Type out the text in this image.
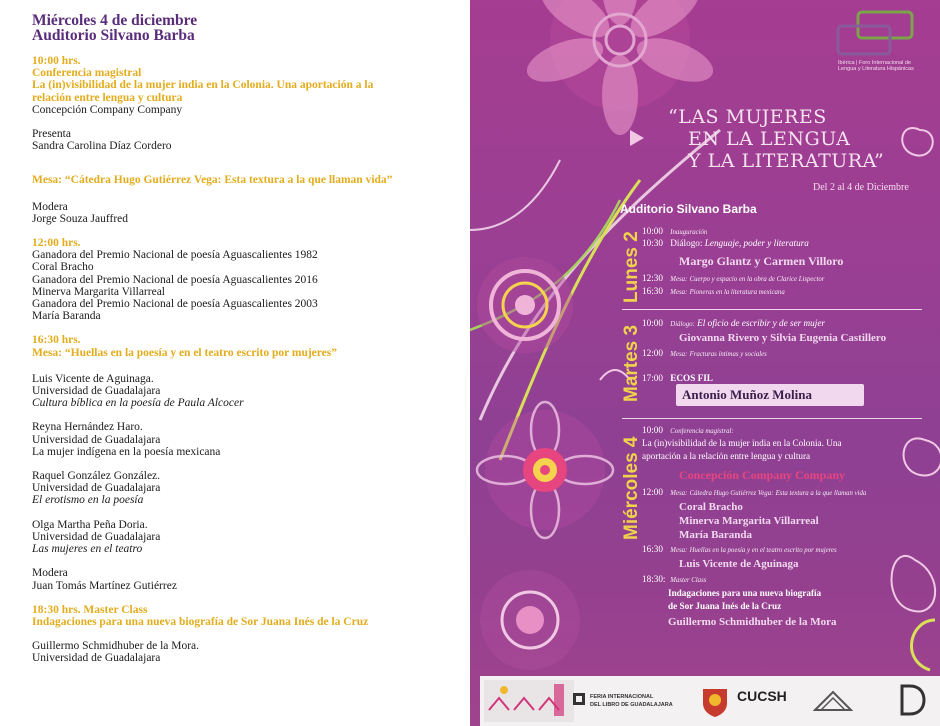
Miércoles 4 de diciembre
Auditorio Silvano Barba
10:00 hrs.
Conferencia magistral
La (in)visibilidad de la mujer india en la Colonia. Una aportación a la
relación entre lengua y cultura
Concepción Company Company
Presenta
Sandra Carolina Díaz Cordero
Mesa: “Cátedra Hugo Gutiérrez Vega: Esta textura a la que llaman vida”
Modera
Jorge Souza Jauffred
12:00 hrs.
Ganadora del Premio Nacional de poesía Aguascalientes 1982
Coral Bracho
Ganadora del Premio Nacional de poesía Aguascalientes 2016
Minerva Margarita Villarreal
Ganadora del Premio Nacional de poesía Aguascalientes 2003
María Baranda
16:30 hrs.
Mesa: “Huellas en la poesía y en el teatro escrito por mujeres”
Luis Vicente de Aguinaga.
Universidad de Guadalajara
Cultura bíblica en la poesía de Paula Alcocer
Reyna Hernández Haro.
Universidad de Guadalajara
La mujer indígena en la poesía mexicana
Raquel González González.
Universidad de Guadalajara
El erotismo en la poesía
Olga Martha Peña Doria.
Universidad de Guadalajara
Las mujeres en el teatro
Modera
Juan Tomás Martínez Gutiérrez
18:30 hrs. Master Class
Indagaciones para una nueva biografía de Sor Juana Inés de la Cruz
Guillermo Schmidhuber de la Mora.
Universidad de Guadalajara
Ibérica | Foro Internacional de
Lengua y Literatura Hispánicas
“LAS MUJERES
EN LA LENGUA
Y LA LITERATURA”
Del 2 al 4 de Diciembre
Auditorio Silvano Barba
Lunes 2
Martes 3
Miércoles 4
10:00 Inauguración
10:30 Diálogo: Lenguaje, poder y literatura
Margo Glantz y Carmen Villoro
12:30 Mesa: Cuerpo y espacio en la obra de Clarice Lispector
16:30 Mesa: Pioneras en la literatura mexicana
10:00 Diálogo: El oficio de escribir y de ser mujer
Giovanna Rivero y Silvia Eugenia Castillero
12:00 Mesa: Fracturas íntimas y sociales
17:00 ECOS FIL
Antonio Muñoz Molina
10:00 Conferencia magistral:
La (in)visibilidad de la mujer india en la Colonia. Una
aportación a la relación entre lengua y cultura
Concepción Company Company
12:00 Mesa: Cátedra Hugo Gutiérrez Vega: Esta textura a la que llaman vida
Coral Bracho
Minerva Margarita Villarreal
María Baranda
16:30 Mesa: Huellas en la poesía y en el teatro escrito por mujeres
Luis Vicente de Aguinaga
18:30: Master Class
Indagaciones para una nueva biografía
de Sor Juana Inés de la Cruz
Guillermo Schmidhuber de la Mora
FERIA INTERNACIONAL
DEL LIBRO DE GUADALAJARA
CUCSH
